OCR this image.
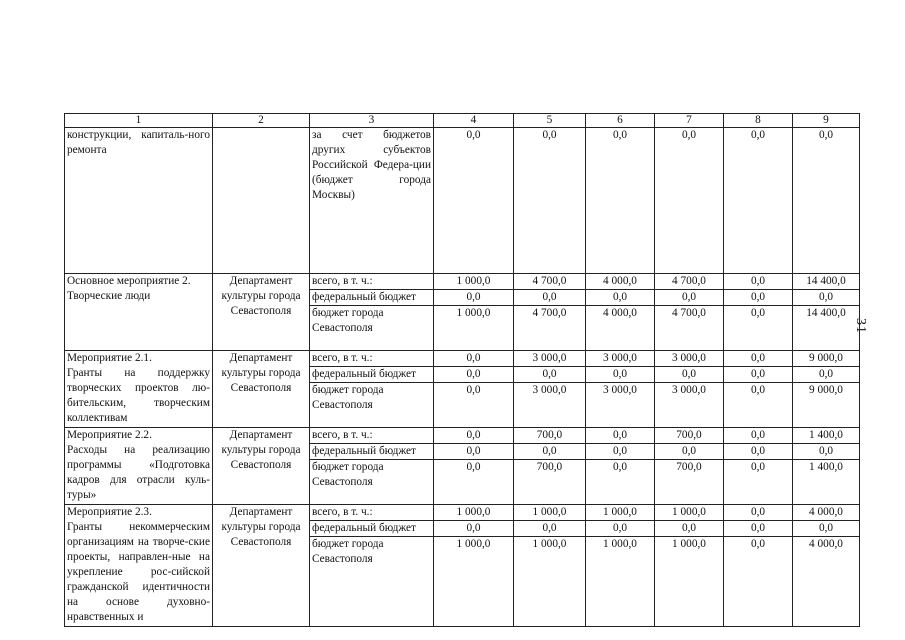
31
1	2	3	4	5	6	7	8	9
конструкции, капиталь-ного ремонта		за счет бюджетов других субъектов Российской Федера-ции (бюджет города Москвы)	0,0	0,0	0,0	0,0	0,0	0,0

Основное мероприятие 2.
Творческие люди	Департамент культуры города Севастополя	всего, в т. ч.:	1 000,0	4 700,0	4 000,0	4 700,0	0,0	14 400,0
		федеральный бюджет	0,0	0,0	0,0	0,0	0,0	0,0
		бюджет города Севастополя	1 000,0	4 700,0	4 000,0	4 700,0	0,0	14 400,0

Мероприятие 2.1.
Гранты на поддержку творческих проектов лю-бительским, творческим коллективам	Департамент культуры города Севастополя	всего, в т. ч.:	0,0	3 000,0	3 000,0	3 000,0	0,0	9 000,0
		федеральный бюджет	0,0	0,0	0,0	0,0	0,0	0,0
		бюджет города Севастополя	0,0	3 000,0	3 000,0	3 000,0	0,0	9 000,0

Мероприятие 2.2.
Расходы на реализацию программы «Подготовка кадров для отрасли куль-туры»	Департамент культуры города Севастополя	всего, в т. ч.:	0,0	700,0	0,0	700,0	0,0	1 400,0
		федеральный бюджет	0,0	0,0	0,0	0,0	0,0	0,0
		бюджет города Севастополя	0,0	700,0	0,0	700,0	0,0	1 400,0

Мероприятие 2.3.
Гранты некоммерческим организациям на творче-ские проекты, направлен-ные на укрепление рос-сийской гражданской идентичности на основе духовно-нравственных и	Департамент культуры города Севастополя	всего, в т. ч.:	1 000,0	1 000,0	1 000,0	1 000,0	0,0	4 000,0
		федеральный бюджет	0,0	0,0	0,0	0,0	0,0	0,0
		бюджет города Севастополя	1 000,0	1 000,0	1 000,0	1 000,0	0,0	4 000,0
